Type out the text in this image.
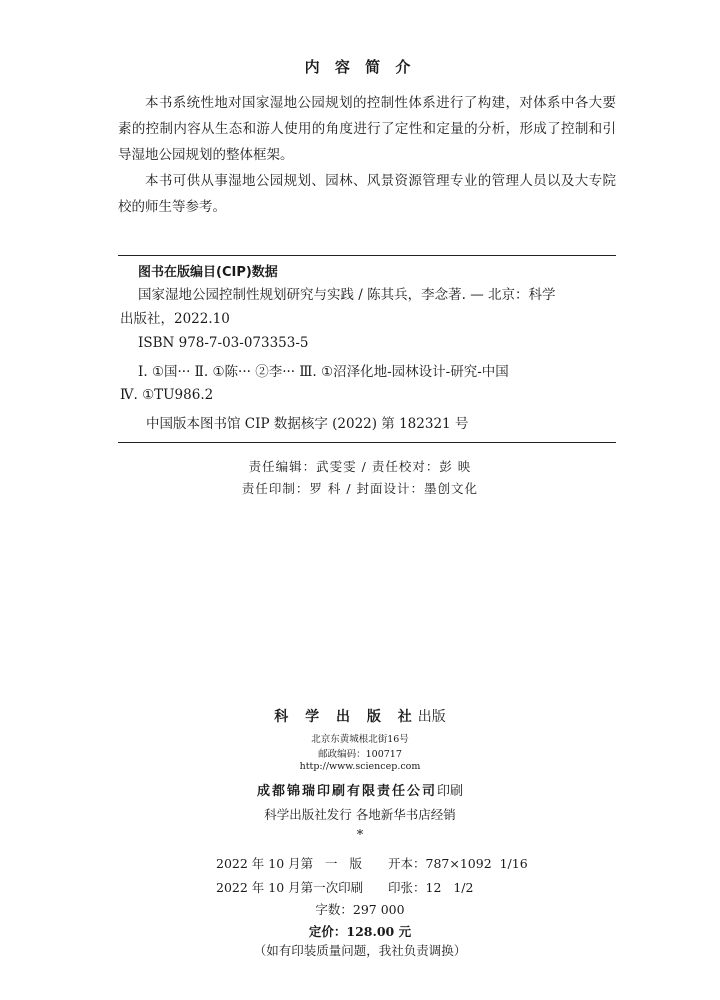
内 容 简 介

本书系统性地对国家湿地公园规划的控制性体系进行了构建，对体系中各大要素的控制内容从生态和游人使用的角度进行了定性和定量的分析，形成了控制和引导湿地公园规划的整体框架。

本书可供从事湿地公园规划、园林、风景资源管理专业的管理人员以及大专院校的师生等参考。

图书在版编目(CIP)数据
国家湿地公园控制性规划研究与实践 / 陈其兵，李念著. — 北京：科学
出版社，2022.10
ISBN 978-7-03-073353-5
Ⅰ. ①国··· Ⅱ. ①陈··· ②李··· Ⅲ. ①沼泽化地-园林设计-研究-中国
Ⅳ. ①TU986.2
中国版本图书馆 CIP 数据核字 (2022) 第 182321 号
责任编辑：武雯雯 / 责任校对：彭 映
责任印制：罗 科 / 封面设计：墨创文化
科 学 出 版 社出版
北京东黄城根北街16号
邮政编码：100717
http://www.sciencep.com
成都锦瑞印刷有限责任公司印刷
科学出版社发行 各地新华书店经销
*
2022 年 10 月第   一   版 开本：787×1092  1/16
2022 年 10 月第一次印刷 印张：12   1/2
字数：297 000
定价：128.00 元
（如有印装质量问题，我社负责调换）
